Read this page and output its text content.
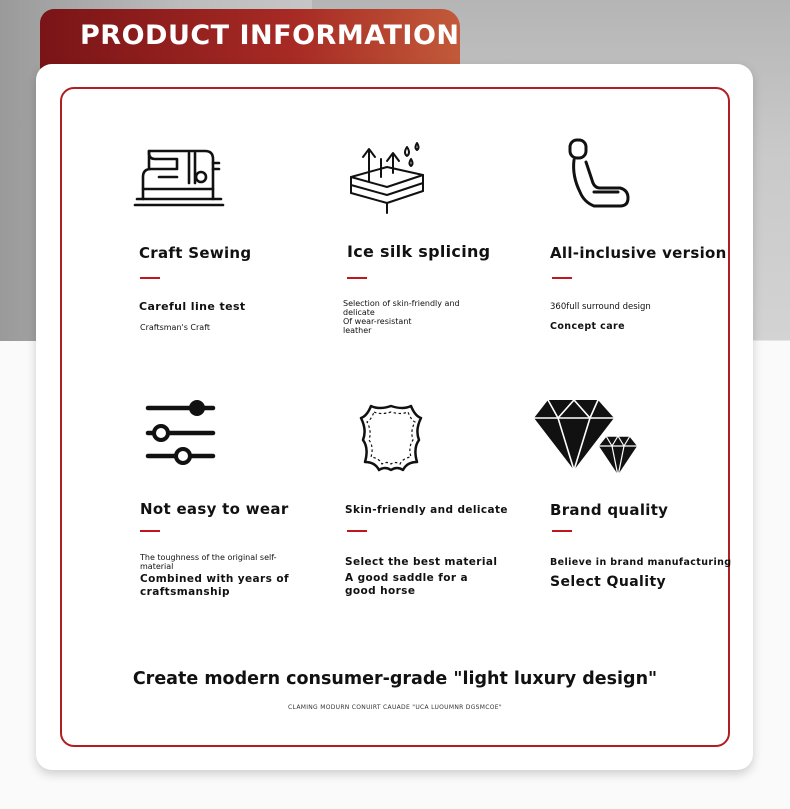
PRODUCT INFORMATION
Craft Sewing
Careful line test
Craftsman's Craft
Ice silk splicing
Selection of skin-friendly and
delicate
Of wear-resistant
leather
All-inclusive version
360full surround design
Concept care
Not easy to wear
The toughness of the original self-
material
Combined with years of
craftsmanship
Skin-friendly and delicate
Select the best material
A good saddle for a
good horse
Brand quality
Believe in brand manufacturing
Select Quality
Create modern consumer-grade "light luxury design"
CLAMING MODURN CONUIRT CAUADE "UCA LUOUMNR DGSMCOE"
